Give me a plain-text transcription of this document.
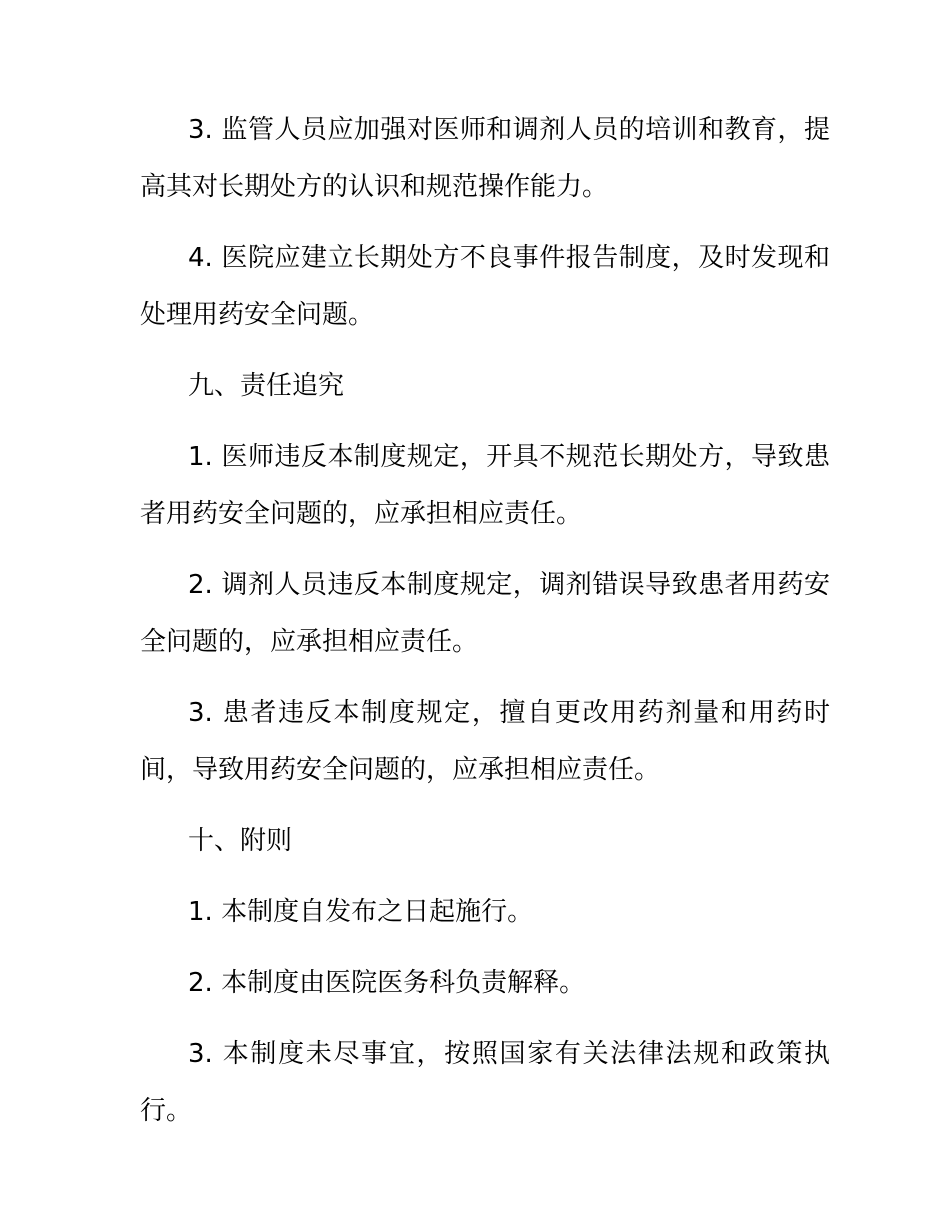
3. 监管人员应加强对医师和调剂人员的培训和教育，提高其对长期处方的认识和规范操作能力。

4. 医院应建立长期处方不良事件报告制度，及时发现和处理用药安全问题。

九、责任追究

1. 医师违反本制度规定，开具不规范长期处方，导致患者用药安全问题的，应承担相应责任。

2. 调剂人员违反本制度规定，调剂错误导致患者用药安全问题的，应承担相应责任。

3. 患者违反本制度规定，擅自更改用药剂量和用药时间，导致用药安全问题的，应承担相应责任。

十、附则

1. 本制度自发布之日起施行。

2. 本制度由医院医务科负责解释。

3. 本制度未尽事宜，按照国家有关法律法规和政策执行。
